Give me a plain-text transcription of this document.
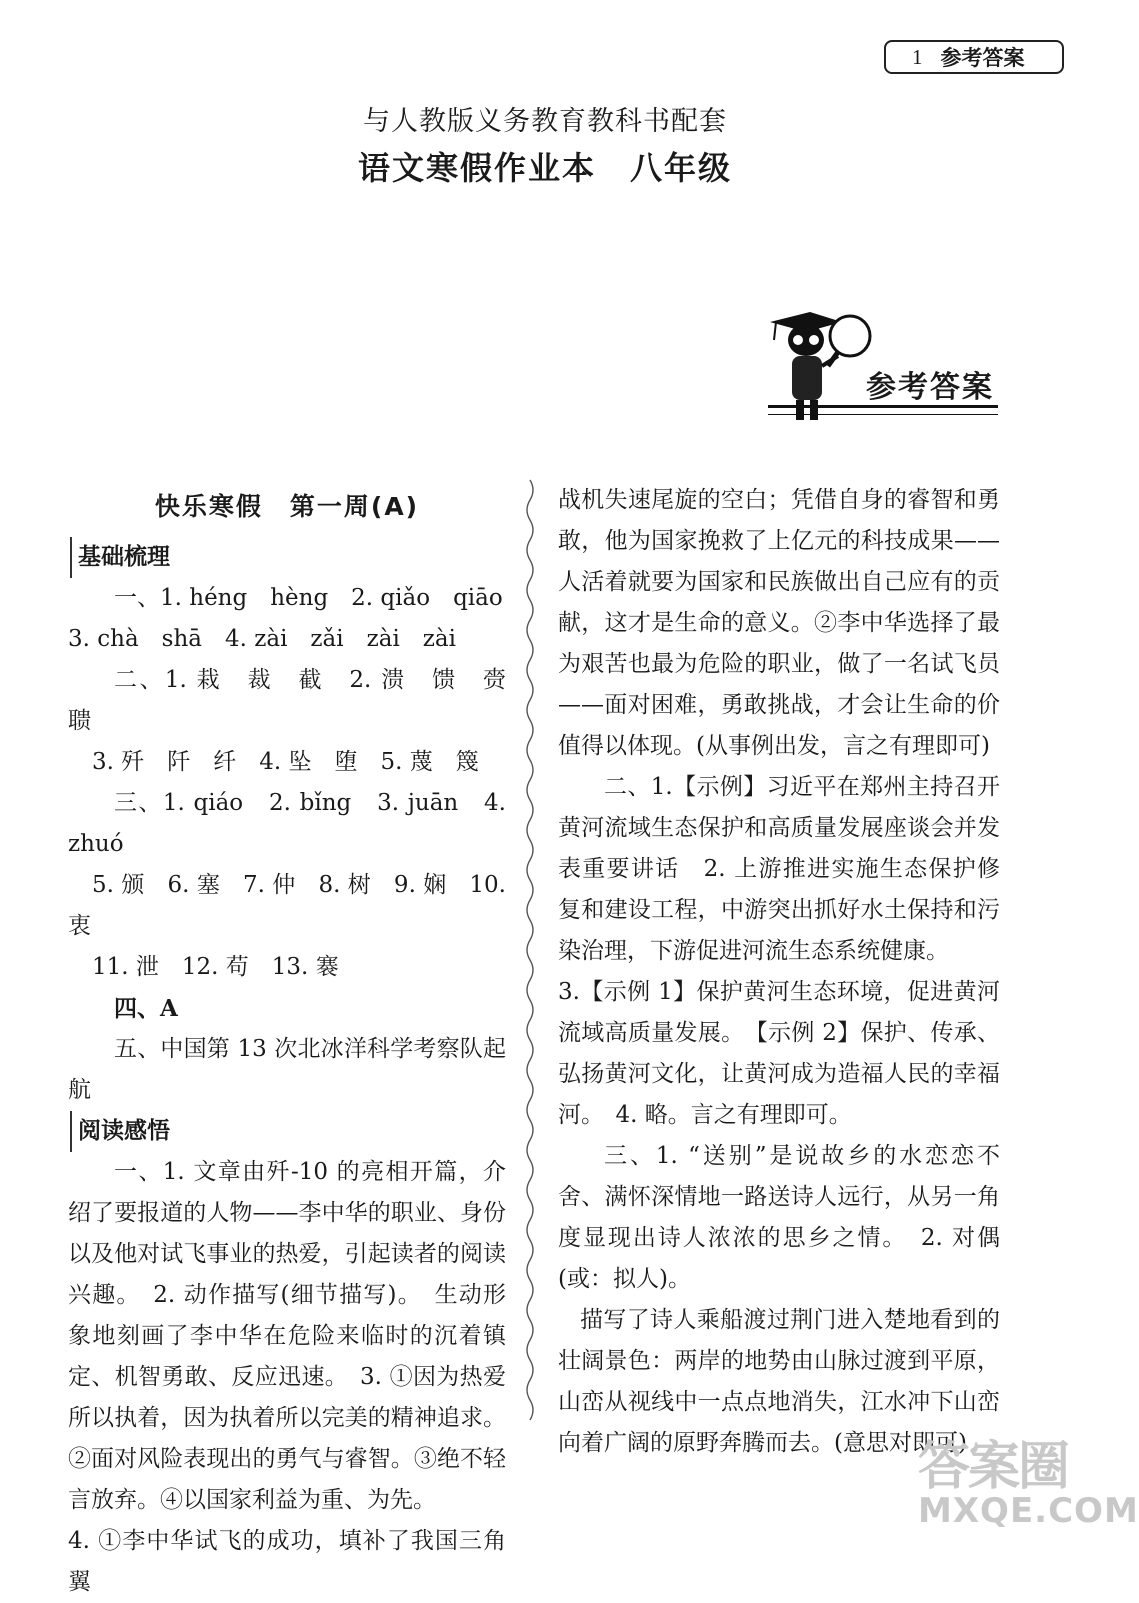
1 参考答案
与人教版义务教育教科书配套
语文寒假作业本　八年级
参考答案
快乐寒假　第一周(A)
基础梳理

一、1. héng　hèng　2. qiǎo　qiāo

3. chà　shā　4. zài　zǎi　zài　zài

二、1. 栽　裁　截　2. 溃　馈　赍　聩

3. 歼　阡　纤　4. 坠　堕　5. 蔑　篾

三、1. qiáo　2. bǐng　3. juān　4. zhuó

5. 颁　6. 塞　7. 仲　8. 树　9. 娴　10. 衷

11. 泄　12. 苟　13. 褰

四、A

五、中国第 13 次北冰洋科学考察队起航

阅读感悟

一、1. 文章由歼-10 的亮相开篇，介绍了要报道的人物——李中华的职业、身份以及他对试飞事业的热爱，引起读者的阅读兴趣。　2. 动作描写(细节描写)。　生动形象地刻画了李中华在危险来临时的沉着镇定、机智勇敢、反应迅速。　3. ①因为热爱所以执着，因为执着所以完美的精神追求。②面对风险表现出的勇气与睿智。③绝不轻言放弃。④以国家利益为重、为先。

4. ①李中华试飞的成功，填补了我国三角翼

战机失速尾旋的空白；凭借自身的睿智和勇敢，他为国家挽救了上亿元的科技成果——人活着就要为国家和民族做出自己应有的贡献，这才是生命的意义。②李中华选择了最为艰苦也最为危险的职业，做了一名试飞员——面对困难，勇敢挑战，才会让生命的价值得以体现。(从事例出发，言之有理即可)

二、1.【示例】习近平在郑州主持召开黄河流域生态保护和高质量发展座谈会并发表重要讲话　2. 上游推进实施生态保护修复和建设工程，中游突出抓好水土保持和污染治理，下游促进河流生态系统健康。

3.【示例 1】保护黄河生态环境，促进黄河流域高质量发展。　【示例 2】保护、传承、弘扬黄河文化，让黄河成为造福人民的幸福河。　4. 略。言之有理即可。

三、1. “送别”是说故乡的水恋恋不舍、满怀深情地一路送诗人远行，从另一角度显现出诗人浓浓的思乡之情。　2. 对偶(或：拟人)。

描写了诗人乘船渡过荆门进入楚地看到的壮阔景色：两岸的地势由山脉过渡到平原，山峦从视线中一点点地消失，江水冲下山峦向着广阔的原野奔腾而去。(意思对即可)

答案圈
MXQE.COM
